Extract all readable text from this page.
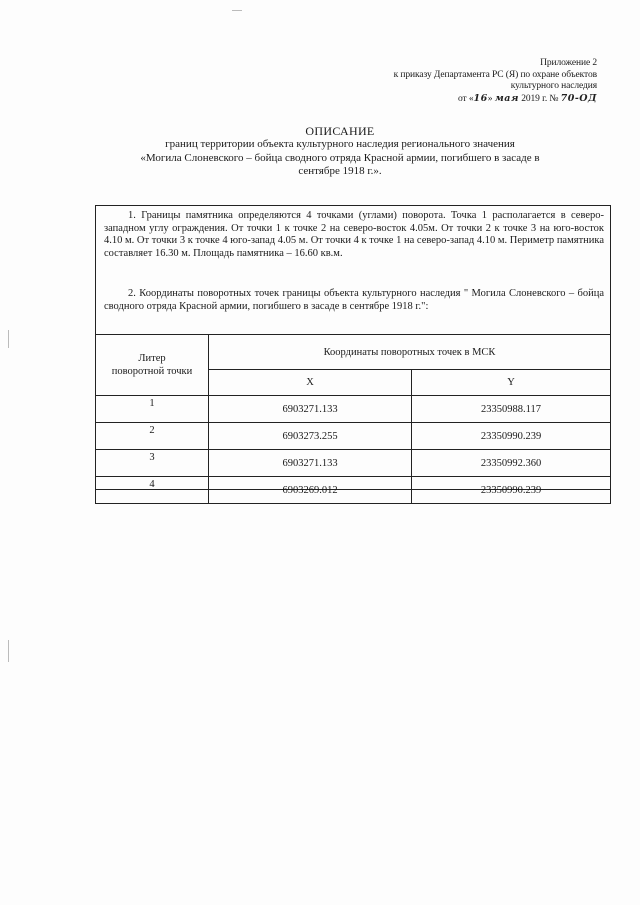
Приложение 2
к приказу Департамента РС (Я) по охране объектов
культурного наследия
от «16» мая 2019 г. № 70-ОД
ОПИСАНИЕ
границ территории объекта культурного наследия регионального значения
«Могила Слоневского – бойца сводного отряда Красной армии, погибшего в засаде в
сентябре 1918 г.».
1. Границы памятника определяются 4 точками (углами) поворота. Точка 1 располагается в северо-западном углу ограждения. От точки 1 к точке 2 на северо-восток 4.05м. От точки 2 к точке 3 на юго-восток 4.10 м. От точки 3 к точке 4 юго-запад 4.05 м. От точки 4 к точке 1 на северо-запад 4.10 м. Периметр памятника составляет 16.30 м. Площадь памятника – 16.60 кв.м.
2. Координаты поворотных точек границы объекта культурного наследия " Могила Слоневского – бойца сводного отряда Красной армии, погибшего в засаде в сентябре 1918 г.":
Литер
поворотной точки	Координаты поворотных точек в МСК	
	X	Y
1	6903271.133	23350988.117
2	6903273.255	23350990.239
3	6903271.133	23350992.360
4	6903269.012	23350990.239
